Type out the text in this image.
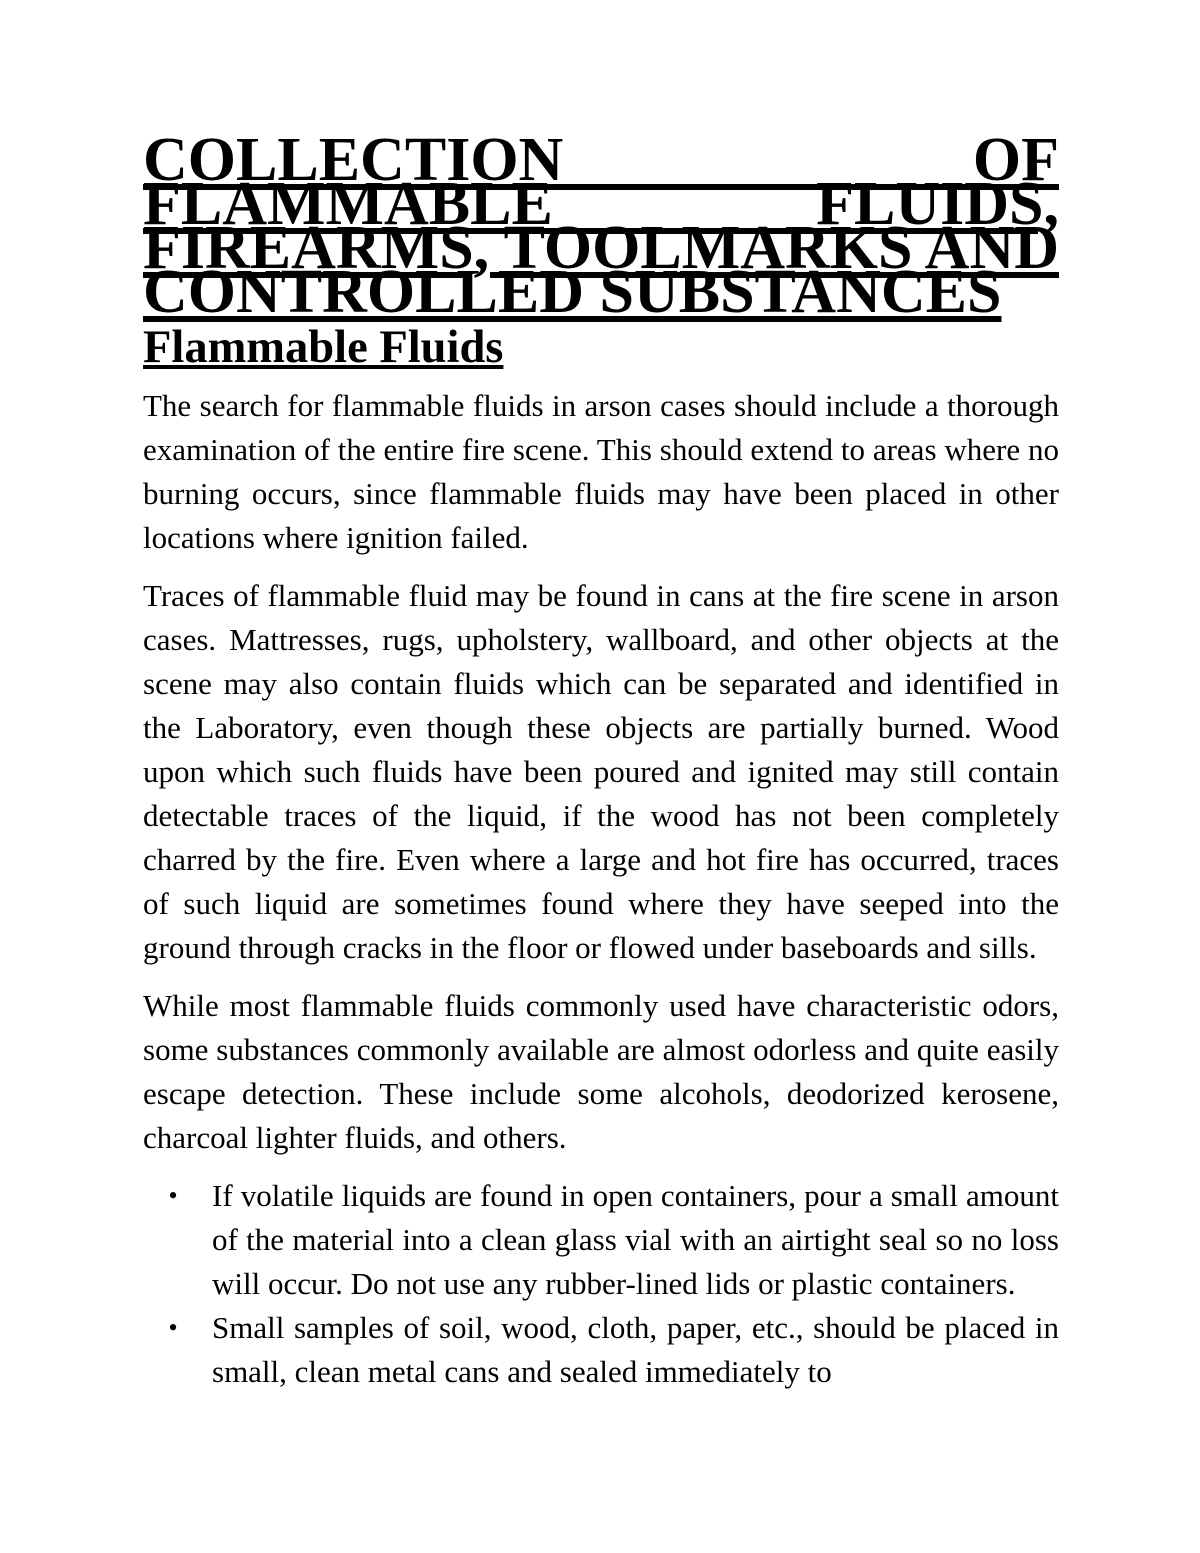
COLLECTION OF FLAMMABLE FLUIDS, FIREARMS, TOOLMARKS AND CONTROLLED SUBSTANCES
Flammable Fluids

The search for flammable fluids in arson cases should include a thorough examination of the entire fire scene. This should extend to areas where no burning occurs, since flammable fluids may have been placed in other locations where ignition failed.

Traces of flammable fluid may be found in cans at the fire scene in arson cases. Mattresses, rugs, upholstery, wallboard, and other objects at the scene may also contain fluids which can be separated and identified in the Laboratory, even though these objects are partially burned. Wood upon which such fluids have been poured and ignited may still contain detectable traces of the liquid, if the wood has not been completely charred by the fire. Even where a large and hot fire has occurred, traces of such liquid are sometimes found where they have seeped into the ground through cracks in the floor or flowed under baseboards and sills.

While most flammable fluids commonly used have characteristic odors, some substances commonly available are almost odorless and quite easily escape detection. These include some alcohols, deodorized kerosene, charcoal lighter fluids, and others.

• If volatile liquids are found in open containers, pour a small amount of the material into a clean glass vial with an airtight seal so no loss will occur. Do not use any rubber-lined lids or plastic containers.
• Small samples of soil, wood, cloth, paper, etc., should be placed in small, clean metal cans and sealed immediately to
